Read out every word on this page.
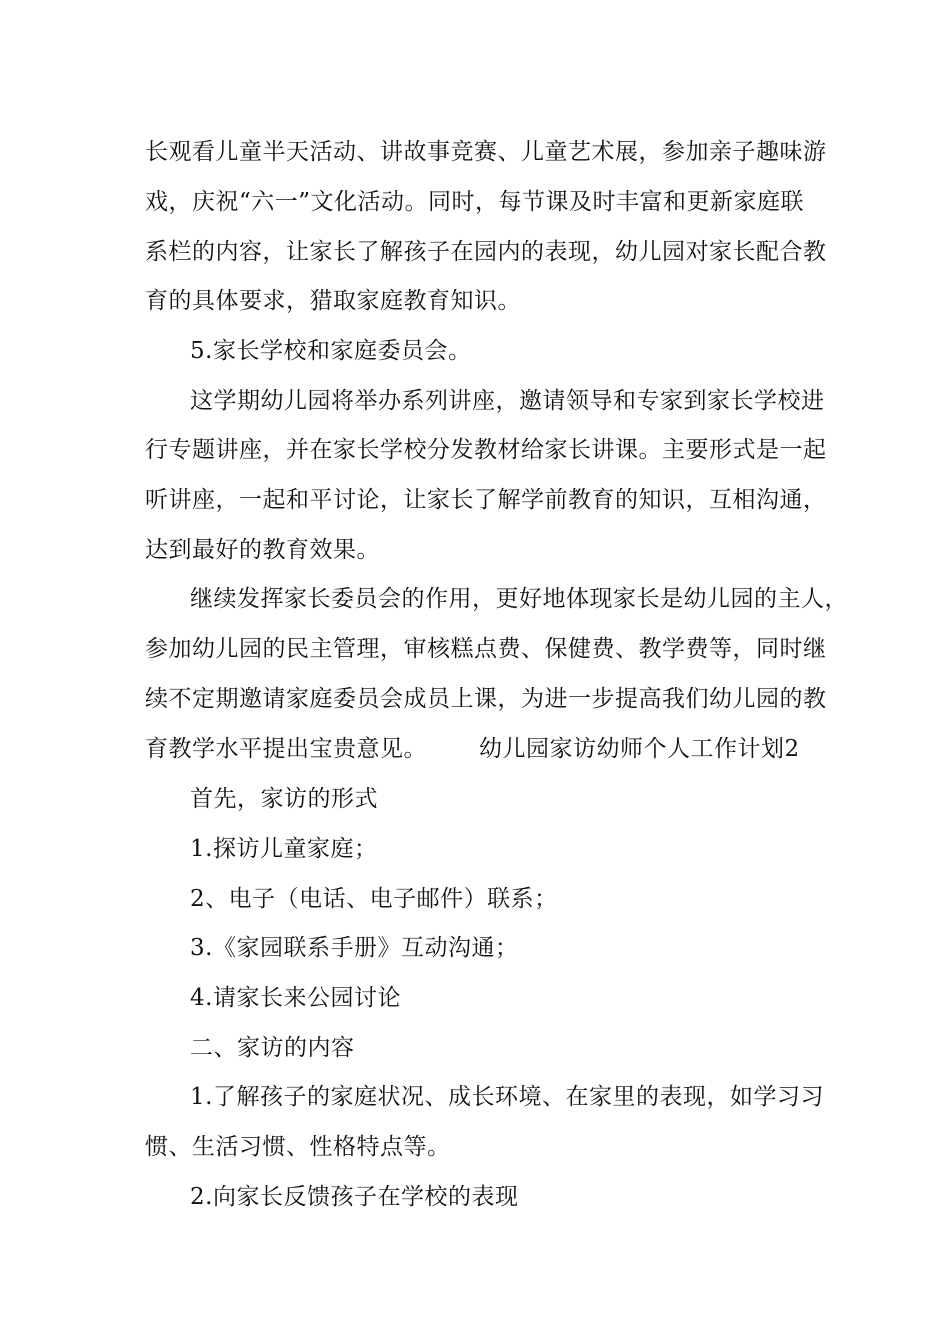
长观看儿童半天活动、讲故事竞赛、儿童艺术展，参加亲子趣味游
戏，庆祝“六一”文化活动。同时，每节课及时丰富和更新家庭联
系栏的内容，让家长了解孩子在园内的表现，幼儿园对家长配合教
育的具体要求，猎取家庭教育知识。
5.家长学校和家庭委员会。
这学期幼儿园将举办系列讲座，邀请领导和专家到家长学校进
行专题讲座，并在家长学校分发教材给家长讲课。主要形式是一起
听讲座，一起和平讨论，让家长了解学前教育的知识，互相沟通，
达到最好的教育效果。
继续发挥家长委员会的作用，更好地体现家长是幼儿园的主人，
参加幼儿园的民主管理，审核糕点费、保健费、教学费等，同时继
续不定期邀请家庭委员会成员上课，为进一步提高我们幼儿园的教
育教学水平提出宝贵意见。 幼儿园家访幼师个人工作计划2
首先，家访的形式
1.探访儿童家庭；
2、电子（电话、电子邮件）联系；
3.《家园联系手册》互动沟通；
4.请家长来公园讨论
二、家访的内容
1.了解孩子的家庭状况、成长环境、在家里的表现，如学习习
惯、生活习惯、性格特点等。
2.向家长反馈孩子在学校的表现
